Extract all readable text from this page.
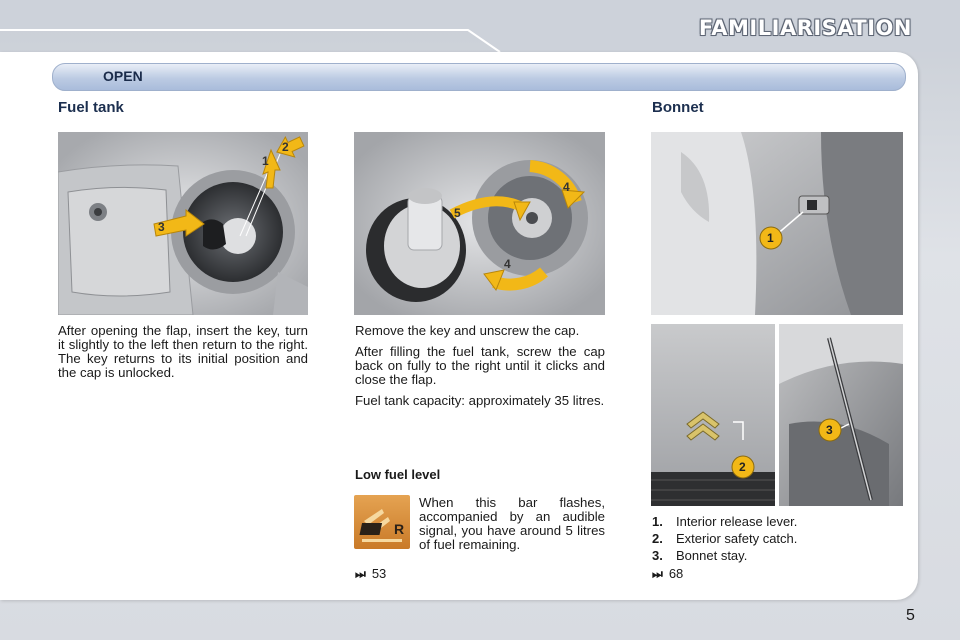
FAMILIARISATION
OPEN
Fuel tank	Bonnet
1
2
3
4
5
4
1
2
3

After opening the flap, insert the key, turn it slightly to the left then return to the right. The key returns to its initial position and the cap is unlocked.

Remove the key and unscrew the cap.

After filling the fuel tank, screw the cap back on fully to the right until it clicks and close the flap.

Fuel tank capacity: approximately 35 litres.

Low fuel level
R

When this bar flashes, accompanied by an audible signal, you have around 5 litres of fuel remaining.

⏭ 53
1.	Interior release lever.
2.	Exterior safety catch.
3.	Bonnet stay.
⏭ 68
5
